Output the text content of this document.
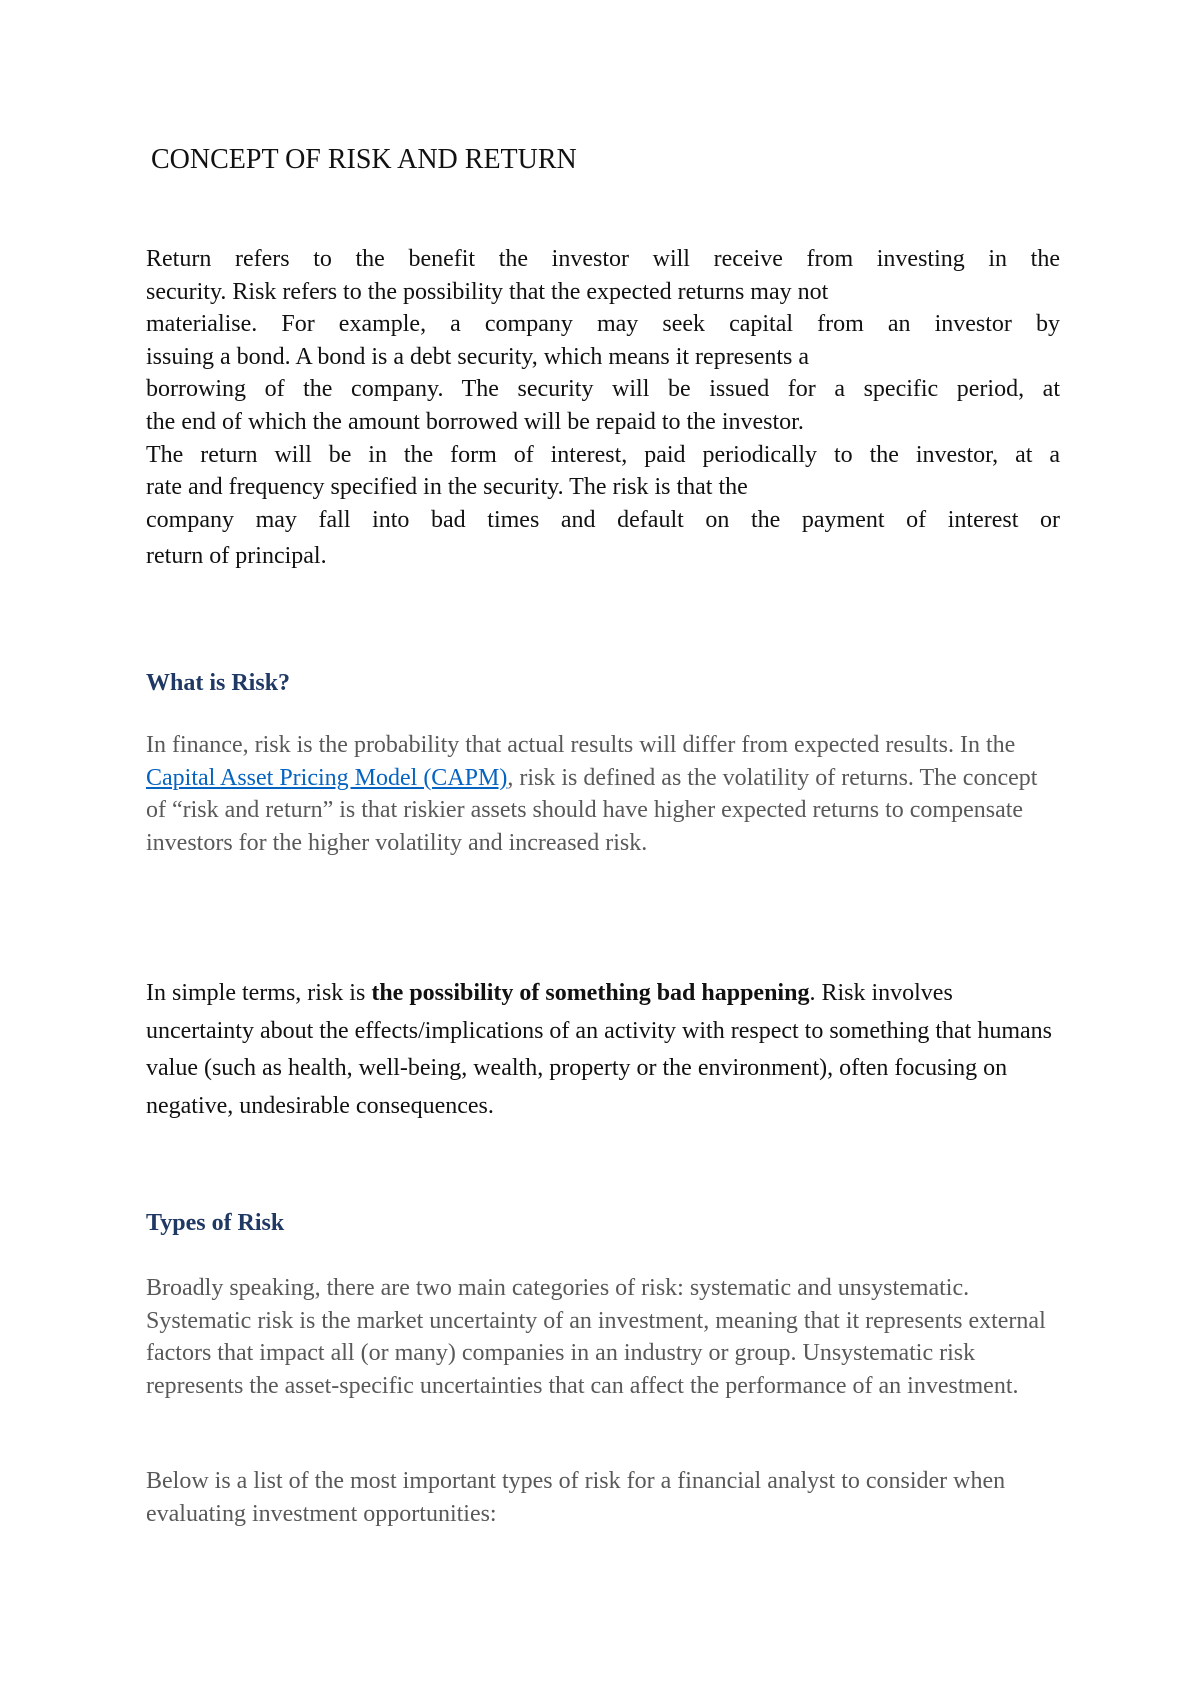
CONCEPT OF RISK AND RETURN

Return refers to the benefit the investor will receive from investing in the

security. Risk refers to the possibility that the expected returns may not

materialise. For example, a company may seek capital from an investor by

issuing a bond. A bond is a debt security, which means it represents a

borrowing of the company. The security will be issued for a specific period, at

the end of which the amount borrowed will be repaid to the investor.

The return will be in the form of interest, paid periodically to the investor, at a

rate and frequency specified in the security. The risk is that the

company may fall into bad times and default on the payment of interest or

return of principal.

What is Risk?

In finance, risk is the probability that actual results will differ from expected results. In the Capital Asset Pricing Model (CAPM), risk is defined as the volatility of returns. The concept of “risk and return” is that riskier assets should have higher expected returns to compensate investors for the higher volatility and increased risk.

In simple terms, risk is the possibility of something bad happening. Risk involves uncertainty about the effects/implications of an activity with respect to something that humans value (such as health, well-being, wealth, property or the environment), often focusing on negative, undesirable consequences.
Types of Risk

Broadly speaking, there are two main categories of risk: systematic and unsystematic. Systematic risk is the market uncertainty of an investment, meaning that it represents external factors that impact all (or many) companies in an industry or group. Unsystematic risk represents the asset-specific uncertainties that can affect the performance of an investment.

Below is a list of the most important types of risk for a financial analyst to consider when evaluating investment opportunities:
